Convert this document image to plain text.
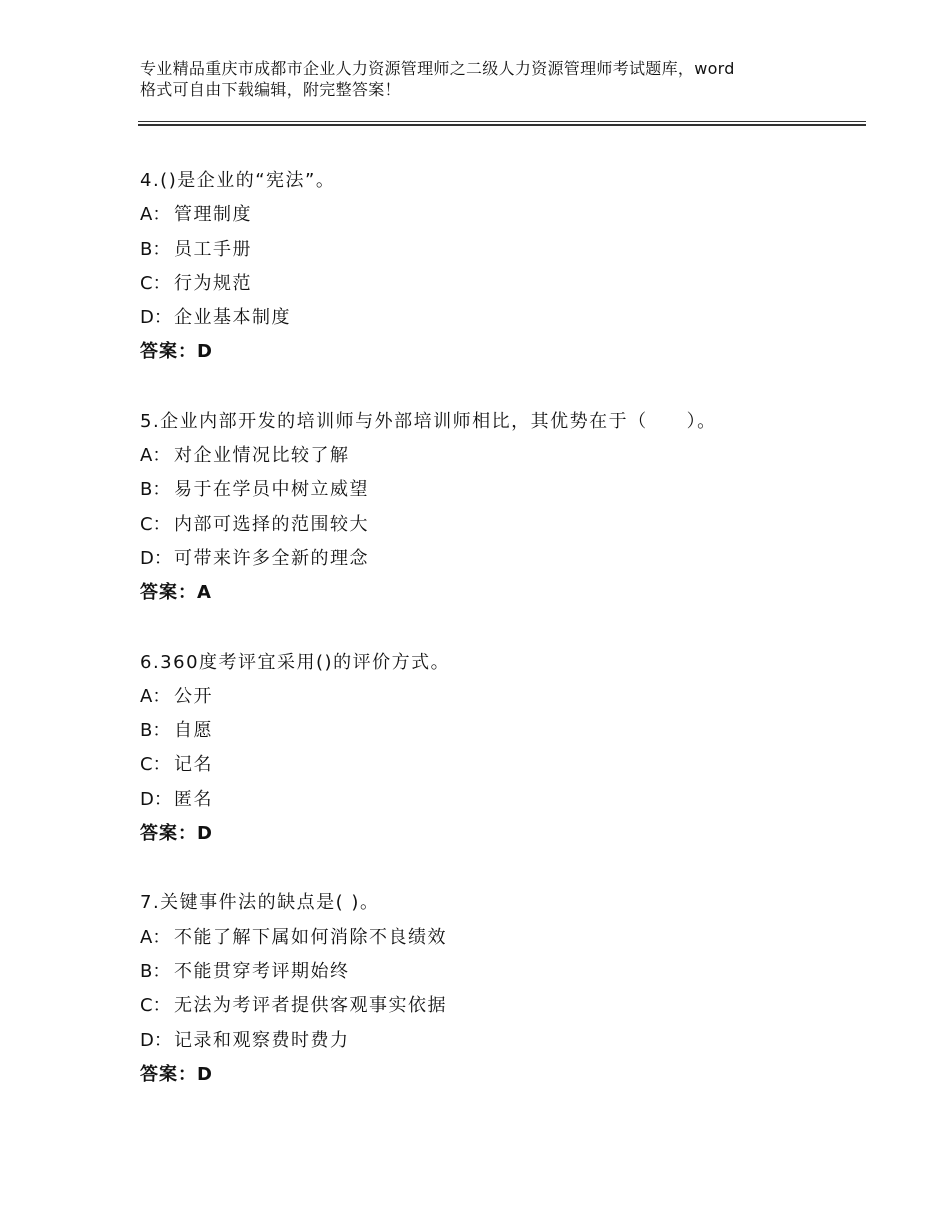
专业精品重庆市成都市企业人力资源管理师之二级人力资源管理师考试题库，word
格式可自由下载编辑，附完整答案！
4.()是企业的“宪法”。
A： 管理制度
B： 员工手册
C： 行为规范
D： 企业基本制度
答案：D
5.企业内部开发的培训师与外部培训师相比，其优势在于（　　）。
A： 对企业情况比较了解
B： 易于在学员中树立威望
C： 内部可选择的范围较大
D： 可带来许多全新的理念
答案：A
6.360度考评宜采用()的评价方式。
A： 公开
B： 自愿
C： 记名
D： 匿名
答案：D
7.关键事件法的缺点是( )。
A： 不能了解下属如何消除不良绩效
B： 不能贯穿考评期始终
C： 无法为考评者提供客观事实依据
D： 记录和观察费时费力
答案：D
